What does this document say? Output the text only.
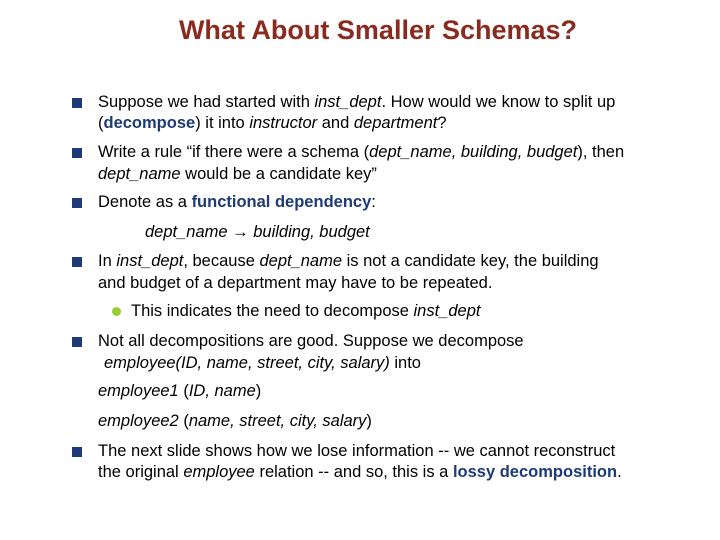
What About Smaller Schemas?
Suppose we had started with inst_dept. How would we know to split up
(decompose) it into instructor and department?
Write a rule “if there were a schema (dept_name, building, budget), then
dept_name would be a candidate key”
Denote as a functional dependency:
dept_name → building, budget
In inst_dept, because dept_name is not a candidate key, the building
and budget of a department may have to be repeated.
This indicates the need to decompose inst_dept
Not all decompositions are good. Suppose we decompose
employee(ID, name, street, city, salary) into
employee1 (ID, name)
employee2 (name, street, city, salary)
The next slide shows how we lose information -- we cannot reconstruct
the original employee relation -- and so, this is a lossy decomposition.
